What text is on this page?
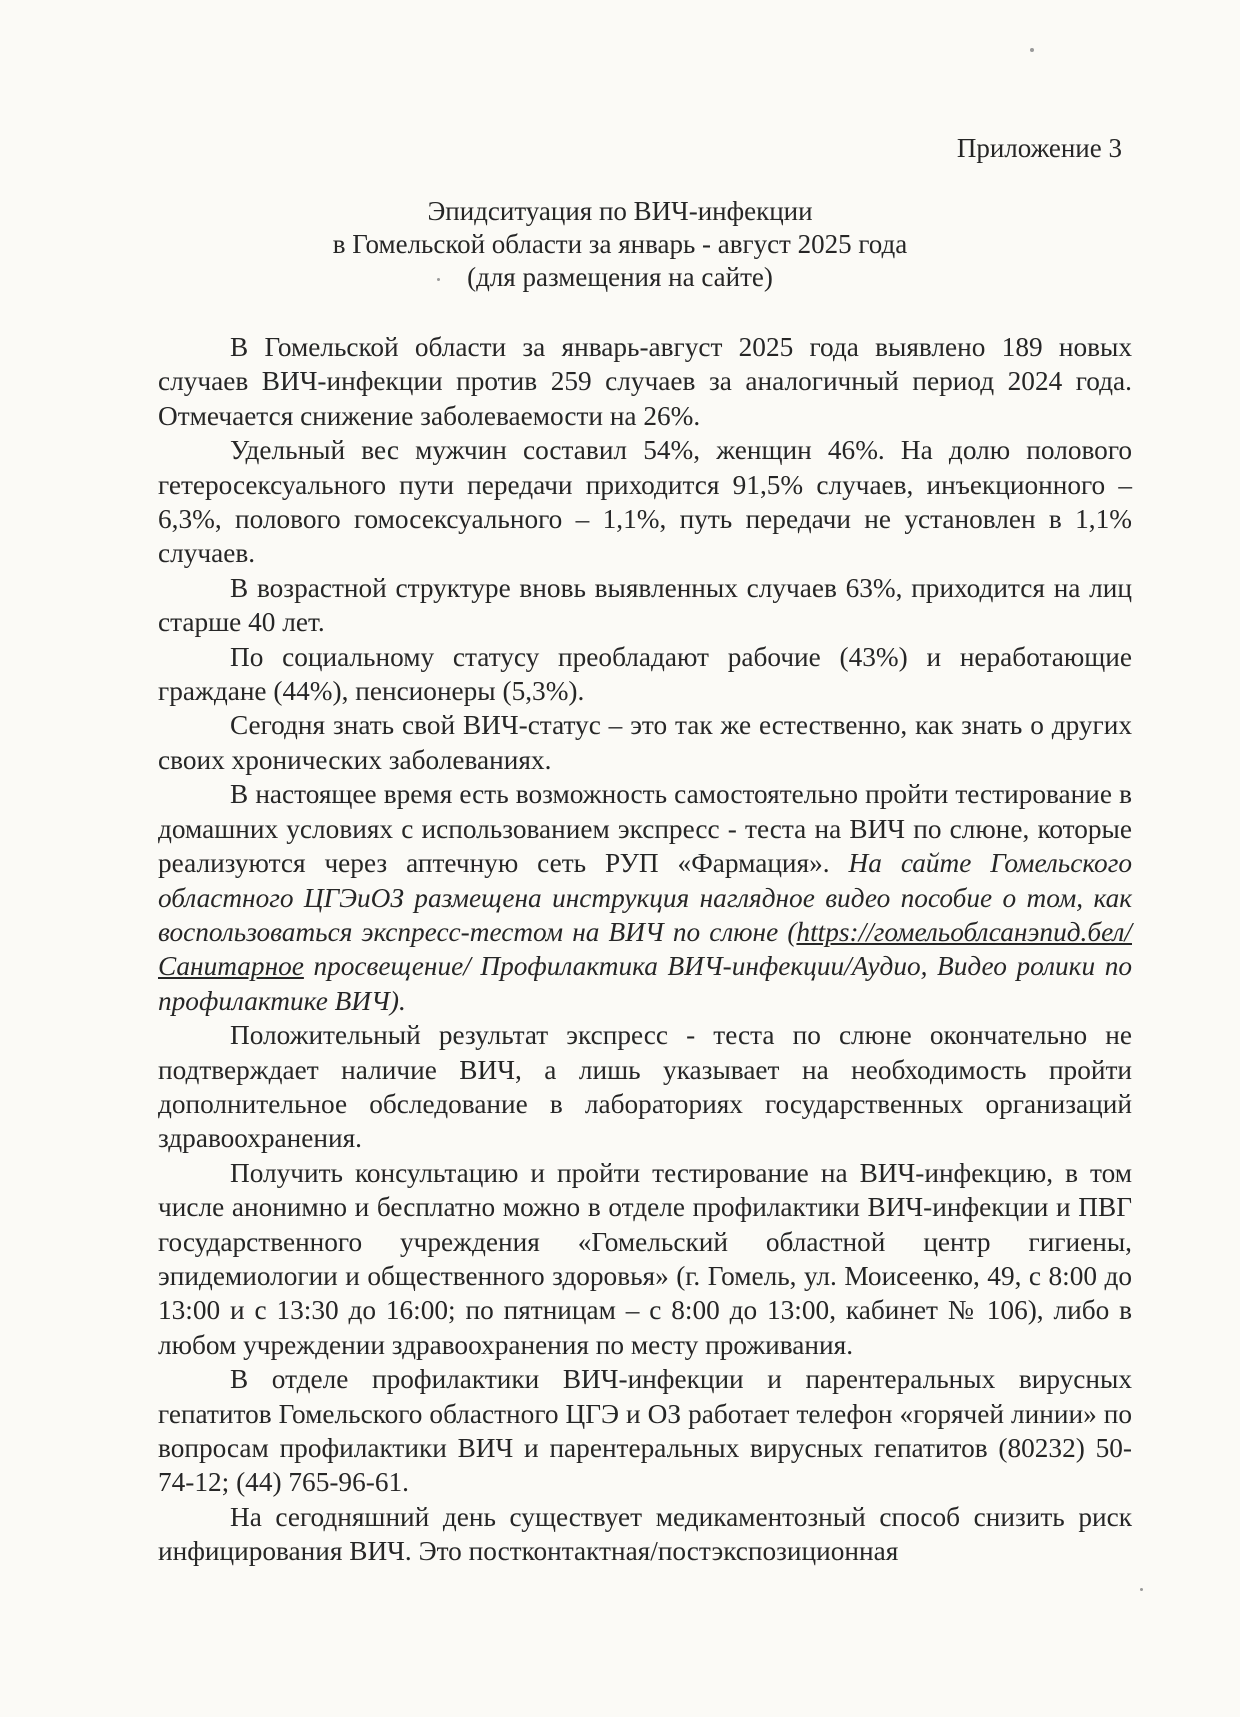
Приложение 3

Эпидситуация по ВИЧ-инфекции
в Гомельской области за январь - август 2025 года
(для размещения на сайте)

В Гомельской области за январь-август 2025 года выявлено 189 новых случаев ВИЧ-инфекции против 259 случаев за аналогичный период 2024 года. Отмечается снижение заболеваемости на 26%.

Удельный вес мужчин составил 54%, женщин 46%. На долю полового гетеросексуального пути передачи приходится 91,5% случаев, инъекционного – 6,3%, полового гомосексуального – 1,1%, путь передачи не установлен в 1,1% случаев.

В возрастной структуре вновь выявленных случаев 63%, приходится на лиц старше 40 лет.

По социальному статусу преобладают рабочие (43%) и неработающие граждане (44%), пенсионеры (5,3%).

Сегодня знать свой ВИЧ-статус – это так же естественно, как знать о других своих хронических заболеваниях.

В настоящее время есть возможность самостоятельно пройти тестирование в домашних условиях с использованием экспресс - теста на ВИЧ по слюне, которые реализуются через аптечную сеть РУП «Фармация». На сайте Гомельского областного ЦГЭиОЗ размещена инструкция наглядное видео пособие о том, как воспользоваться экспресс-тестом на ВИЧ по слюне (https://гомельоблсанэпид.бел/ Санитарное просвещение/ Профилактика ВИЧ-инфекции/Аудио, Видео ролики по профилактике ВИЧ).

Положительный результат экспресс - теста по слюне окончательно не подтверждает наличие ВИЧ, а лишь указывает на необходимость пройти дополнительное обследование в лабораториях государственных организаций здравоохранения.

Получить консультацию и пройти тестирование на ВИЧ-инфекцию, в том числе анонимно и бесплатно можно в отделе профилактики ВИЧ-инфекции и ПВГ государственного учреждения «Гомельский областной центр гигиены, эпидемиологии и общественного здоровья» (г. Гомель, ул. Моисеенко, 49, с 8:00 до 13:00 и с 13:30 до 16:00; по пятницам – с 8:00 до 13:00, кабинет № 106), либо в любом учреждении здравоохранения по месту проживания.

В отделе профилактики ВИЧ-инфекции и парентеральных вирусных гепатитов Гомельского областного ЦГЭ и ОЗ работает телефон «горячей линии» по вопросам профилактики ВИЧ и парентеральных вирусных гепатитов (80232) 50-74-12; (44) 765-96-61.

На сегодняшний день существует медикаментозный способ снизить риск инфицирования ВИЧ. Это постконтактная/постэкспозиционная
